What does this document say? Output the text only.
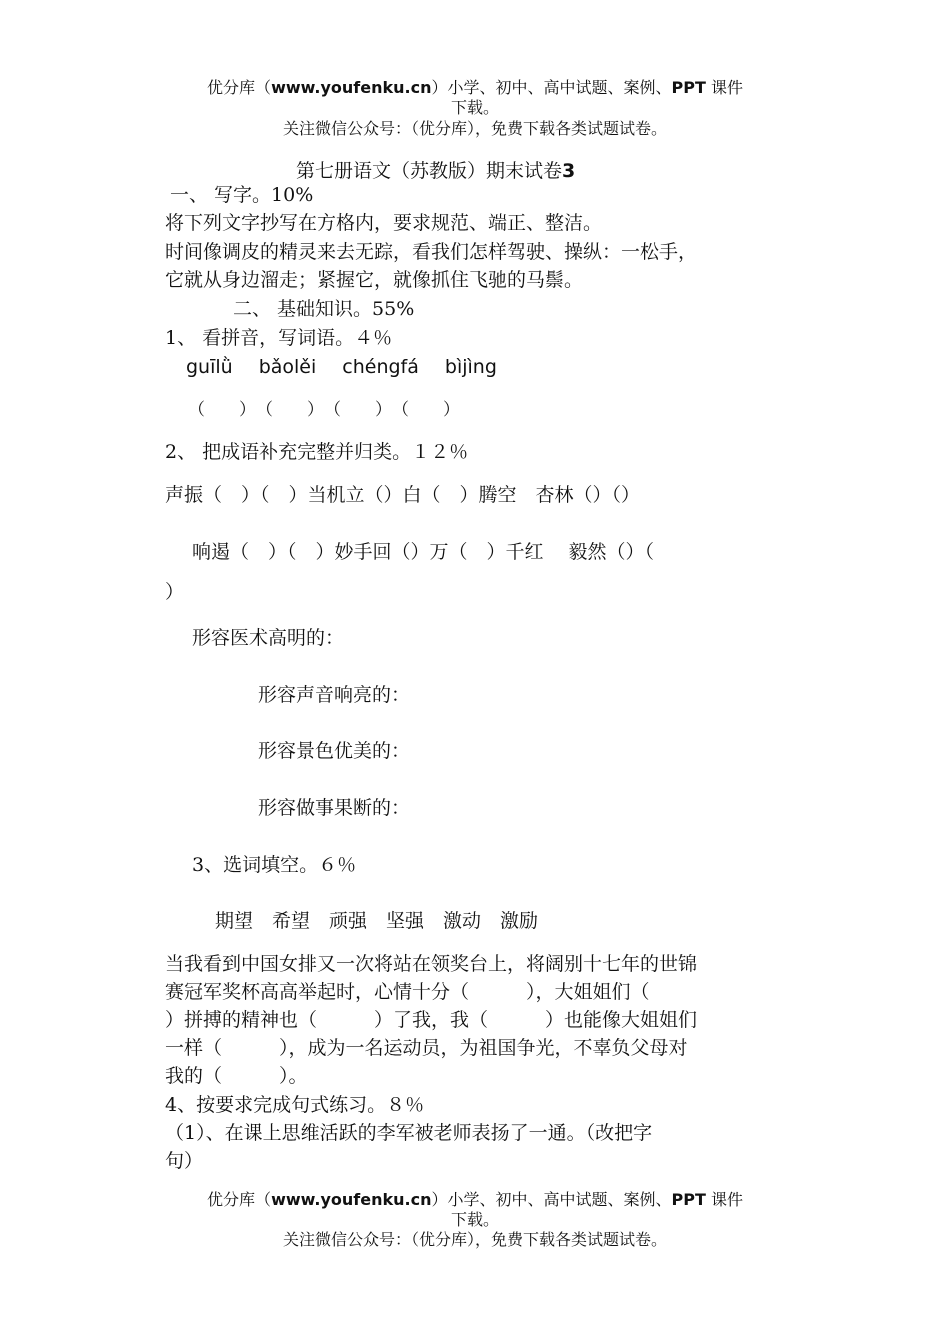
优分库（www.youfenku.cn）小学、初中、高中试题、案例、PPT 课件
下载。
关注微信公众号：（优分库），免费下载各类试题试卷。
第七册语文（苏教版）期末试卷3
一、 写字。10%
将下列文字抄写在方格内，要求规范、端正、整洁。
时间像调皮的精灵来去无踪，看我们怎样驾驶、操纵：一松手，
它就从身边溜走；紧握它，就像抓住飞驰的马鬃。
二、 基础知识。55%
1、 看拼音，写词语。４％
guīlǜ bǎolěi chéngfá bìjìng
（　　）　（　　）　（　　）　（　　）
2、 把成语补充完整并归类。１２％
声振（　）（　）当机立（）白（　）腾空　杏林（）（）
响遏（　）（　）妙手回（）万（　）千红　 毅然（）（
）
形容医术高明的：
形容声音响亮的：
形容景色优美的：
形容做事果断的：
3、选词填空。６％
期望　希望　顽强　坚强　激动　激励
当我看到中国女排又一次将站在领奖台上，将阔别十七年的世锦
赛冠军奖杯高高举起时，心情十分（　　　），大姐姐们（
）拼搏的精神也（　　　）了我，我（　　　）也能像大姐姐们
一样（　　　），成为一名运动员，为祖国争光，不辜负父母对
我的（　　　）。
4、按要求完成句式练习。８％
（1）、在课上思维活跃的李军被老师表扬了一通。（改把字
句）
优分库（www.youfenku.cn）小学、初中、高中试题、案例、PPT 课件
下载。
关注微信公众号：（优分库），免费下载各类试题试卷。
